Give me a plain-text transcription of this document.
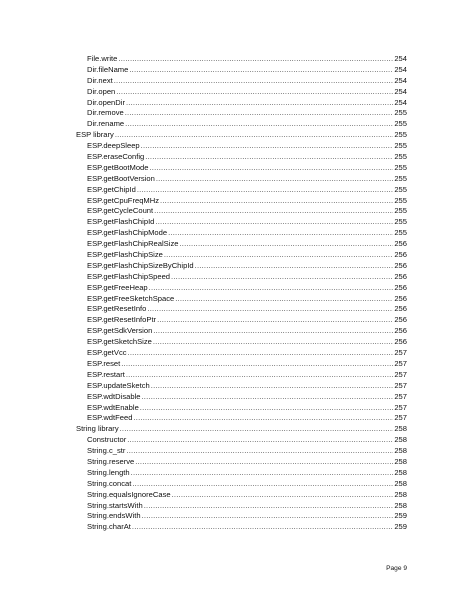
File.write .....	254
Dir.fileName .....	254
Dir.next .....	254
Dir.open .....	254
Dir.openDir .....	254
Dir.remove .....	255
Dir.rename .....	255
ESP library .....	255
ESP.deepSleep .....	255
ESP.eraseConfig .....	255
ESP.getBootMode .....	255
ESP.getBootVersion .....	255
ESP.getChipId .....	255
ESP.getCpuFreqMHz .....	255
ESP.getCycleCount .....	255
ESP.getFlashChipId .....	255
ESP.getFlashChipMode .....	255
ESP.getFlashChipRealSize .....	256
ESP.getFlashChipSize .....	256
ESP.getFlashChipSizeByChipId .....	256
ESP.getFlashChipSpeed .....	256
ESP.getFreeHeap .....	256
ESP.getFreeSketchSpace .....	256
ESP.getResetInfo .....	256
ESP.getResetInfoPtr .....	256
ESP.getSdkVersion .....	256
ESP.getSketchSize .....	256
ESP.getVcc .....	257
ESP.reset .....	257
ESP.restart .....	257
ESP.updateSketch .....	257
ESP.wdtDisable .....	257
ESP.wdtEnable .....	257
ESP.wdtFeed .....	257
String library .....	258
Constructor .....	258
String.c_str .....	258
String.reserve .....	258
String.length .....	258
String.concat .....	258
String.equalsIgnoreCase .....	258
String.startsWith .....	258
String.endsWith .....	259
String.charAt .....	259
Page 9
